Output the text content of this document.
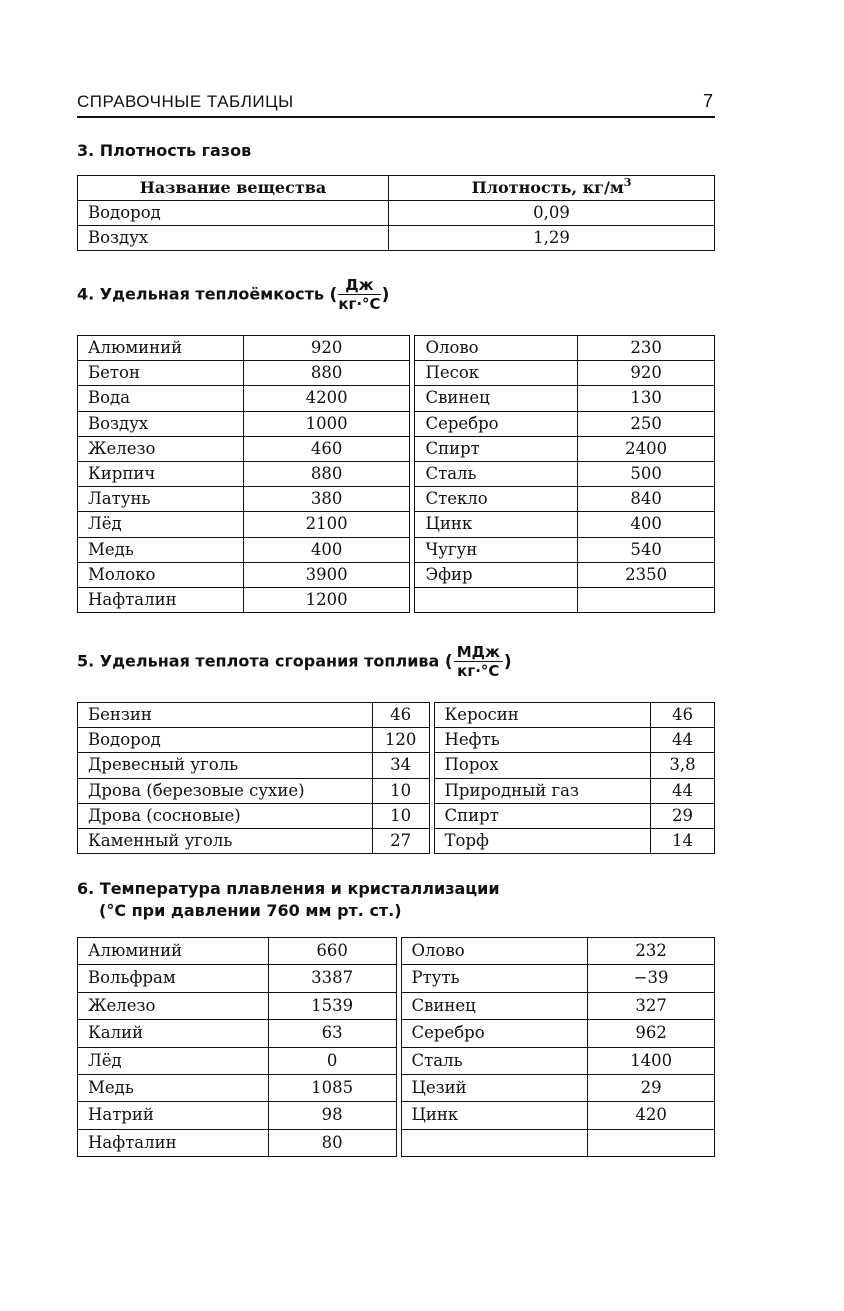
СПРАВОЧНЫЕ ТАБЛИЦЫ	7
3. Плотность газов
Название вещества	Плотность, $кг/м^3$
Водород	0,09
Воздух	1,29
4. Удельная теплоёмкость ( $\frac{Дж}{кг\cdot^\circ С}$ )
Алюминий	920		Олово	230
Бетон	880		Песок	920
Вода	4200		Свинец	130
Воздух	1000		Серебро	250
Железо	460		Спирт	2400
Кирпич	880		Сталь	500
Латунь	380		Стекло	840
Лёд	2100		Цинк	400
Медь	400		Чугун	540
Молоко	3900		Эфир	2350
Нафталин	1200			
5. Удельная теплота сгорания топлива ( $\frac{\text{МДж}}{кг\cdot^\circ С}$ )
Бензин	46		Керосин	46
Водород	120		Нефть	44
Древесный уголь	34		Порох	3,8
Дрова (березовые сухие)	10		Природный газ	44
Дрова (сосновые)	10		Спирт	29
Каменный уголь	27		Торф	14
6. Температура плавления и кристаллизации
(°С при давлении 760 мм рт. ст.)
Алюминий	660		Олово	232
Вольфрам	3387		Ртуть	−39
Железо	1539		Свинец	327
Калий	63		Серебро	962
Лёд	0		Сталь	1400
Медь	1085		Цезий	29
Натрий	98		Цинк	420
Нафталин	80			
